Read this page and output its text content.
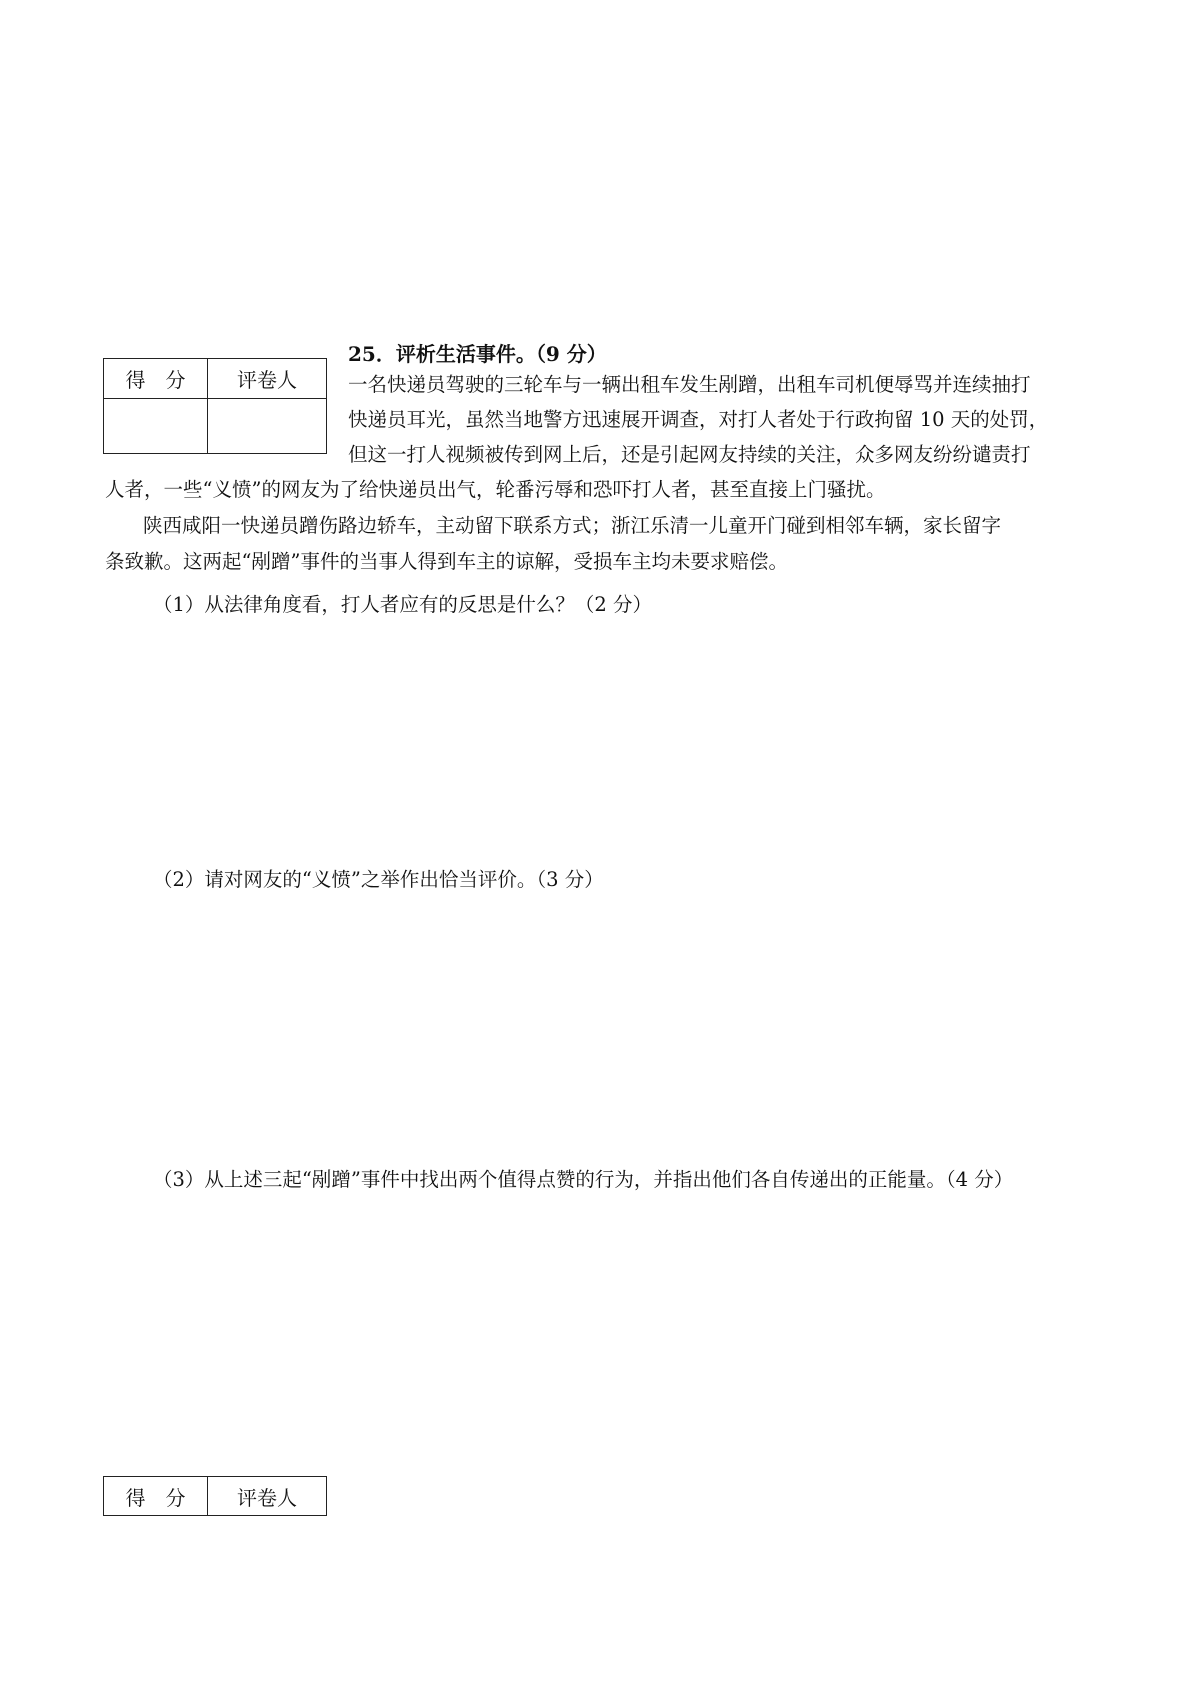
得　分	评卷人

25．评析生活事件。（9 分）
一名快递员驾驶的三轮车与一辆出租车发生剐蹭，出租车司机便辱骂并连续抽打
快递员耳光，虽然当地警方迅速展开调查，对打人者处于行政拘留 10 天的处罚，
但这一打人视频被传到网上后，还是引起网友持续的关注，众多网友纷纷谴责打
人者，一些“义愤”的网友为了给快递员出气，轮番污辱和恐吓打人者，甚至直接上门骚扰。
陕西咸阳一快递员蹭伤路边轿车，主动留下联系方式；浙江乐清一儿童开门碰到相邻车辆，家长留字
条致歉。这两起“剐蹭”事件的当事人得到车主的谅解，受损车主均未要求赔偿。
（1）从法律角度看，打人者应有的反思是什么？（2 分）
（2）请对网友的“义愤”之举作出恰当评价。（3 分）
（3）从上述三起“剐蹭”事件中找出两个值得点赞的行为，并指出他们各自传递出的正能量。（4 分）
得　分	评卷人
